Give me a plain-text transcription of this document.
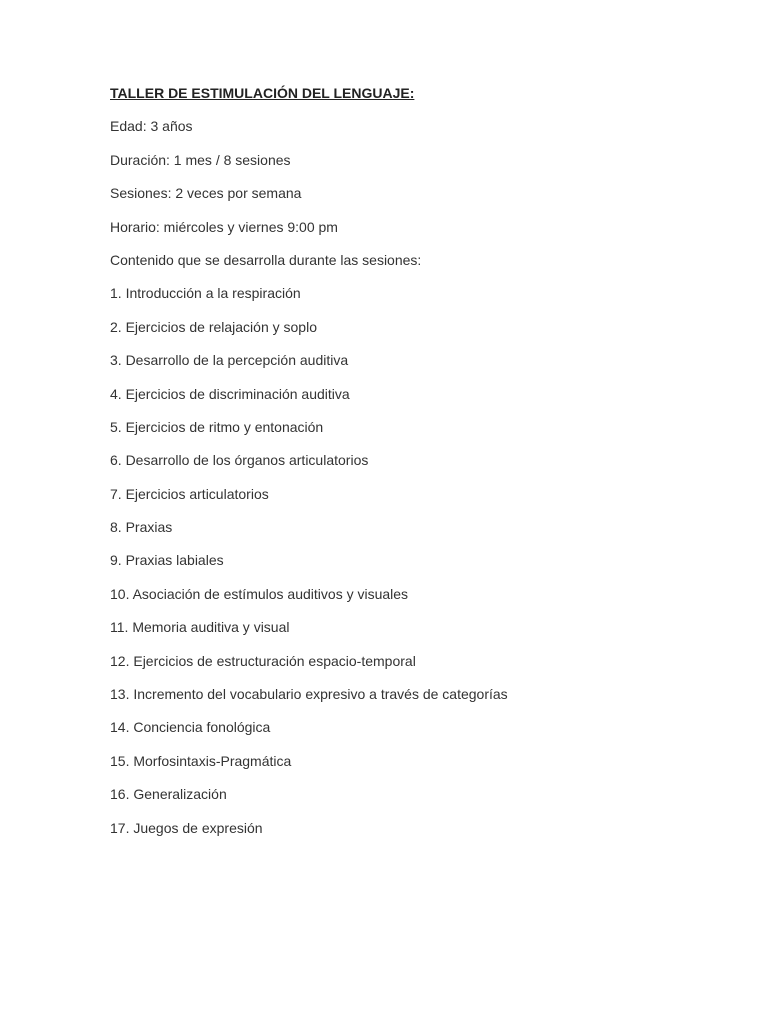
TALLER DE ESTIMULACIÓN DEL LENGUAJE:
Edad: 3 años
Duración: 1 mes / 8 sesiones
Sesiones: 2 veces por semana
Horario: miércoles y viernes 9:00 pm
Contenido que se desarrolla durante las sesiones:
1. Introducción a la respiración
2. Ejercicios de relajación y soplo
3. Desarrollo de la percepción auditiva
4. Ejercicios de discriminación auditiva
5. Ejercicios de ritmo y entonación
6. Desarrollo de los órganos articulatorios
7. Ejercicios articulatorios
8. Praxias
9. Praxias labiales
10. Asociación de estímulos auditivos y visuales
11. Memoria auditiva y visual
12. Ejercicios de estructuración espacio-temporal
13. Incremento del vocabulario expresivo a través de categorías
14. Conciencia fonológica
15. Morfosintaxis-Pragmática
16. Generalización
17. Juegos de expresión
